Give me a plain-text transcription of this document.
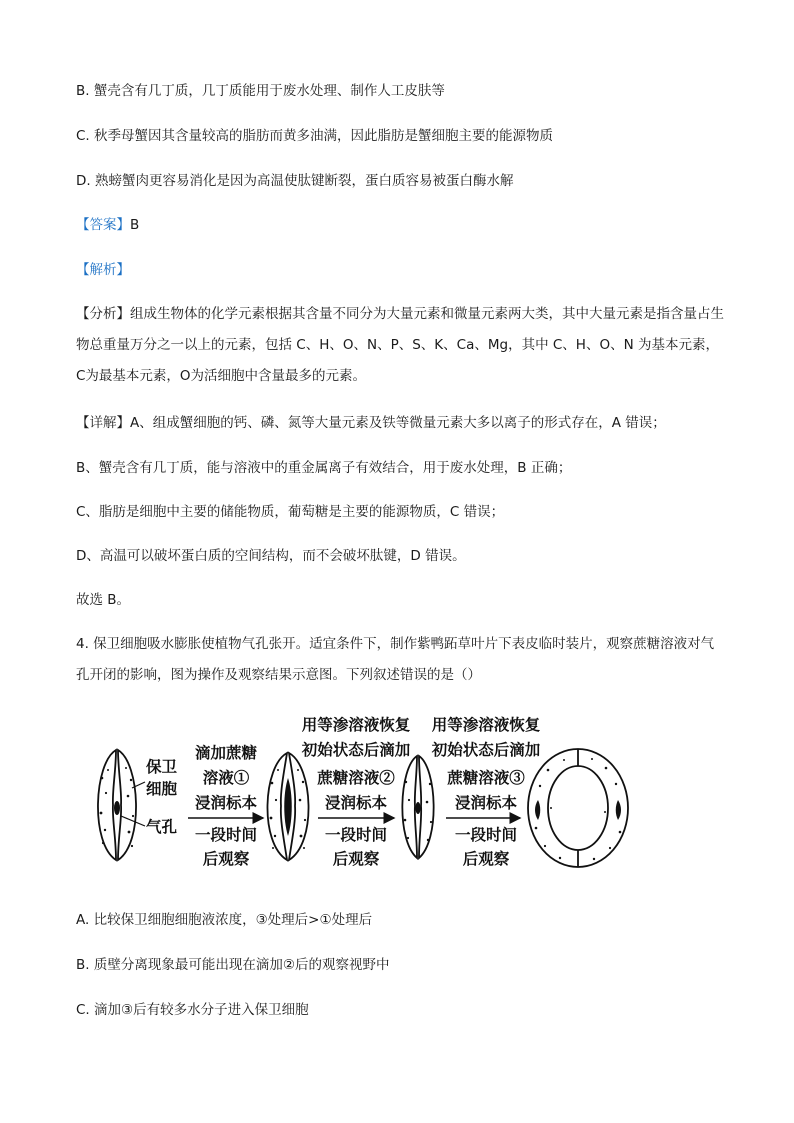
B. 蟹壳含有几丁质，几丁质能用于废水处理、制作人工皮肤等
C. 秋季母蟹因其含量较高的脂肪而黄多油满，因此脂肪是蟹细胞主要的能源物质
D. 熟螃蟹肉更容易消化是因为高温使肽键断裂，蛋白质容易被蛋白酶水解
【答案】B
【解析】
【分析】组成生物体的化学元素根据其含量不同分为大量元素和微量元素两大类，其中大量元素是指含量占生物总重量万分之一以上的元素，包括 C、H、O、N、P、S、K、Ca、Mg，其中 C、H、O、N 为基本元素，C为最基本元素，O为活细胞中含量最多的元素。
【详解】A、组成蟹细胞的钙、磷、氮等大量元素及铁等微量元素大多以离子的形式存在，A 错误；
B、蟹壳含有几丁质，能与溶液中的重金属离子有效结合，用于废水处理，B 正确；
C、脂肪是细胞中主要的储能物质，葡萄糖是主要的能源物质，C 错误；
D、高温可以破坏蛋白质的空间结构，而不会破坏肽键，D 错误。
故选 B。
4. 保卫细胞吸水膨胀使植物气孔张开。适宜条件下，制作紫鸭跖草叶片下表皮临时装片，观察蔗糖溶液对气孔开闭的影响，图为操作及观察结果示意图。下列叙述错误的是（）
保卫
细胞
气孔
滴加蔗糖
溶液①
浸润标本
一段时间
后观察
用等渗溶液恢复
初始状态后滴加
蔗糖溶液②
浸润标本
一段时间
后观察
用等渗溶液恢复
初始状态后滴加
蔗糖溶液③
浸润标本
一段时间
后观察
A. 比较保卫细胞细胞液浓度，③处理后>①处理后
B. 质壁分离现象最可能出现在滴加②后的观察视野中
C. 滴加③后有较多水分子进入保卫细胞
